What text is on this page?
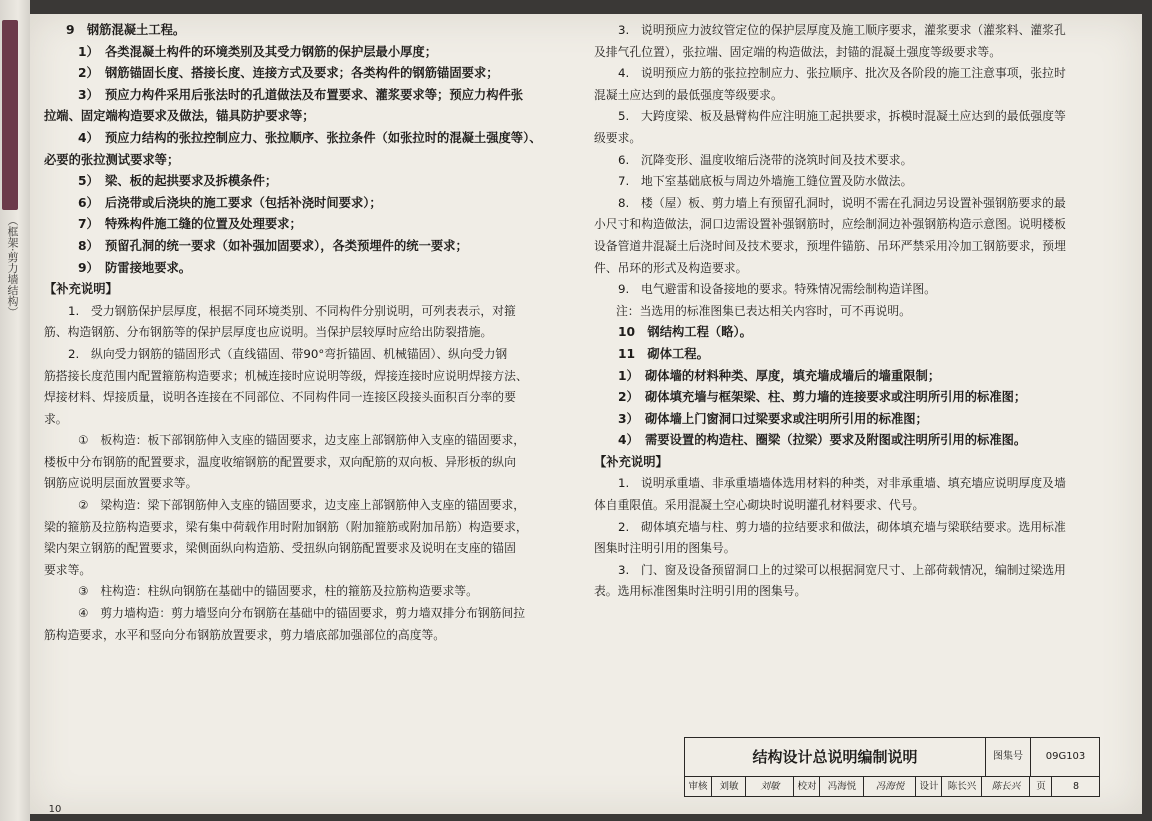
（框架·剪力墙结构）
9　钢筋混凝土工程。
1）　各类混凝土构件的环境类别及其受力钢筋的保护层最小厚度；
2）　钢筋锚固长度、搭接长度、连接方式及要求；各类构件的钢筋锚固要求；
3）　预应力构件采用后张法时的孔道做法及布置要求、灌浆要求等；预应力构件张
拉端、固定端构造要求及做法，锚具防护要求等；
4）　预应力结构的张拉控制应力、张拉顺序、张拉条件（如张拉时的混凝土强度等）、
必要的张拉测试要求等；
5）　梁、板的起拱要求及拆模条件；
6）　后浇带或后浇块的施工要求（包括补浇时间要求）；
7）　特殊构件施工缝的位置及处理要求；
8）　预留孔洞的统一要求（如补强加固要求），各类预埋件的统一要求；
9）　防雷接地要求。
【补充说明】
1.　受力钢筋保护层厚度，根据不同环境类别、不同构件分别说明，可列表表示，对箍
筋、构造钢筋、分布钢筋等的保护层厚度也应说明。当保护层较厚时应给出防裂措施。
2.　纵向受力钢筋的锚固形式（直线锚固、带90°弯折锚固、机械锚固）、纵向受力钢
筋搭接长度范围内配置箍筋构造要求；机械连接时应说明等级，焊接连接时应说明焊接方法、
焊接材料、焊接质量，说明各连接在不同部位、不同构件同一连接区段接头面积百分率的要
求。
①　板构造：板下部钢筋伸入支座的锚固要求，边支座上部钢筋伸入支座的锚固要求，
楼板中分布钢筋的配置要求，温度收缩钢筋的配置要求，双向配筋的双向板、异形板的纵向
钢筋应说明层面放置要求等。
②　梁构造：梁下部钢筋伸入支座的锚固要求，边支座上部钢筋伸入支座的锚固要求，
梁的箍筋及拉筋构造要求，梁有集中荷载作用时附加钢筋（附加箍筋或附加吊筋）构造要求，
梁内架立钢筋的配置要求，梁侧面纵向构造筋、受扭纵向钢筋配置要求及说明在支座的锚固
要求等。
③　柱构造：柱纵向钢筋在基础中的锚固要求，柱的箍筋及拉筋构造要求等。
④　剪力墙构造：剪力墙竖向分布钢筋在基础中的锚固要求，剪力墙双排分布钢筋间拉
筋构造要求，水平和竖向分布钢筋放置要求，剪力墙底部加强部位的高度等。
3.　说明预应力波纹管定位的保护层厚度及施工顺序要求，灌浆要求（灌浆料、灌浆孔
及排气孔位置），张拉端、固定端的构造做法，封锚的混凝土强度等级要求等。
4.　说明预应力筋的张拉控制应力、张拉顺序、批次及各阶段的施工注意事项，张拉时
混凝土应达到的最低强度等级要求。
5.　大跨度梁、板及悬臂构件应注明施工起拱要求，拆模时混凝土应达到的最低强度等
级要求。
6.　沉降变形、温度收缩后浇带的浇筑时间及技术要求。
7.　地下室基础底板与周边外墙施工缝位置及防水做法。
8.　楼（屋）板、剪力墙上有预留孔洞时，说明不需在孔洞边另设置补强钢筋要求的最
小尺寸和构造做法，洞口边需设置补强钢筋时，应绘制洞边补强钢筋构造示意图。说明楼板
设备管道井混凝土后浇时间及技术要求，预埋件锚筋、吊环严禁采用冷加工钢筋要求，预埋
件、吊环的形式及构造要求。
9.　电气避雷和设备接地的要求。特殊情况需绘制构造详图。
注：当选用的标准图集已表达相关内容时，可不再说明。
10　钢结构工程（略）。
11　砌体工程。
1）　砌体墙的材料种类、厚度，填充墙成墙后的墙重限制；
2）　砌体填充墙与框架梁、柱、剪力墙的连接要求或注明所引用的标准图；
3）　砌体墙上门窗洞口过梁要求或注明所引用的标准图；
4）　需要设置的构造柱、圈梁（拉梁）要求及附图或注明所引用的标准图。
【补充说明】
1.　说明承重墙、非承重墙墙体选用材料的种类，对非承重墙、填充墙应说明厚度及墙
体自重限值。采用混凝土空心砌块时说明灌孔材料要求、代号。
2.　砌体填充墙与柱、剪力墙的拉结要求和做法，砌体填充墙与梁联结要求。选用标准
图集时注明引用的图集号。
3.　门、窗及设备预留洞口上的过梁可以根据洞宽尺寸、上部荷载情况，编制过梁选用
表。选用标准图集时注明引用的图集号。
10
结构设计总说明编制说明	图集号	09G103
审核	刘敏	刘敏	校对	冯海悦	冯海悦	设计 陈长兴	陈长兴	页	8
